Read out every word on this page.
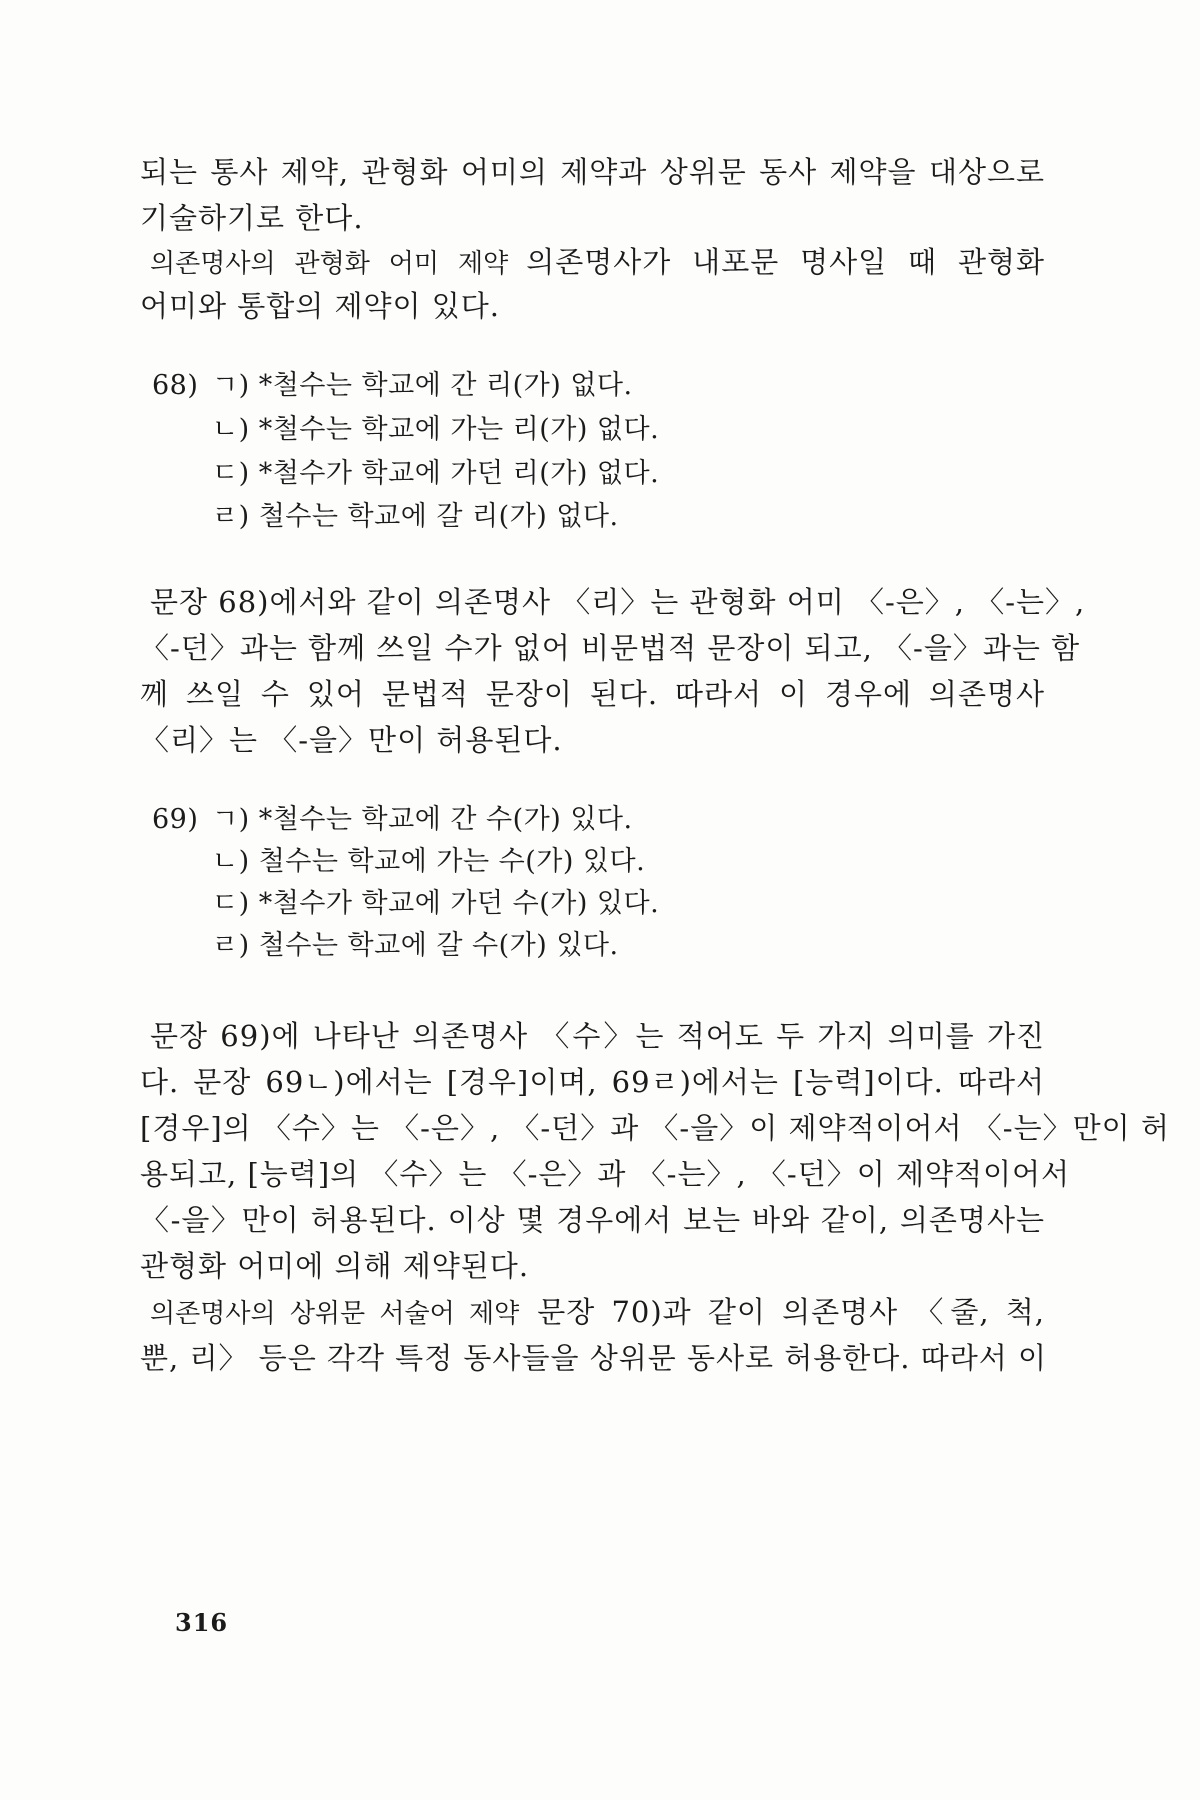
되는 통사 제약, 관형화 어미의 제약과 상위문 동사 제약을 대상으로
기술하기로 한다.
의존명사의 관형화 어미 제약 의존명사가 내포문 명사일 때 관형화
어미와 통합의 제약이 있다.
68) ㄱ) *철수는 학교에 간 리(가) 없다.
ㄴ) *철수는 학교에 가는 리(가) 없다.
ㄷ) *철수가 학교에 가던 리(가) 없다.
ㄹ) 철수는 학교에 갈 리(가) 없다.
문장 68)에서와 같이 의존명사 〈리〉는 관형화 어미 〈-은〉, 〈-는〉,
〈-던〉과는 함께 쓰일 수가 없어 비문법적 문장이 되고, 〈-을〉과는 함
께 쓰일 수 있어 문법적 문장이 된다. 따라서 이 경우에 의존명사
〈리〉는 〈-을〉만이 허용된다.
69) ㄱ) *철수는 학교에 간 수(가) 있다.
ㄴ) 철수는 학교에 가는 수(가) 있다.
ㄷ) *철수가 학교에 가던 수(가) 있다.
ㄹ) 철수는 학교에 갈 수(가) 있다.
문장 69)에 나타난 의존명사 〈수〉는 적어도 두 가지 의미를 가진
다. 문장 69ㄴ)에서는 [경우]이며, 69ㄹ)에서는 [능력]이다. 따라서
[경우]의 〈수〉는 〈-은〉, 〈-던〉과 〈-을〉이 제약적이어서 〈-는〉만이 허
용되고, [능력]의 〈수〉는 〈-은〉과 〈-는〉, 〈-던〉이 제약적이어서
〈-을〉만이 허용된다. 이상 몇 경우에서 보는 바와 같이, 의존명사는
관형화 어미에 의해 제약된다.
의존명사의 상위문 서술어 제약 문장 70)과 같이 의존명사 〈줄, 척,
뿐, 리〉 등은 각각 특정 동사들을 상위문 동사로 허용한다. 따라서 이
316
